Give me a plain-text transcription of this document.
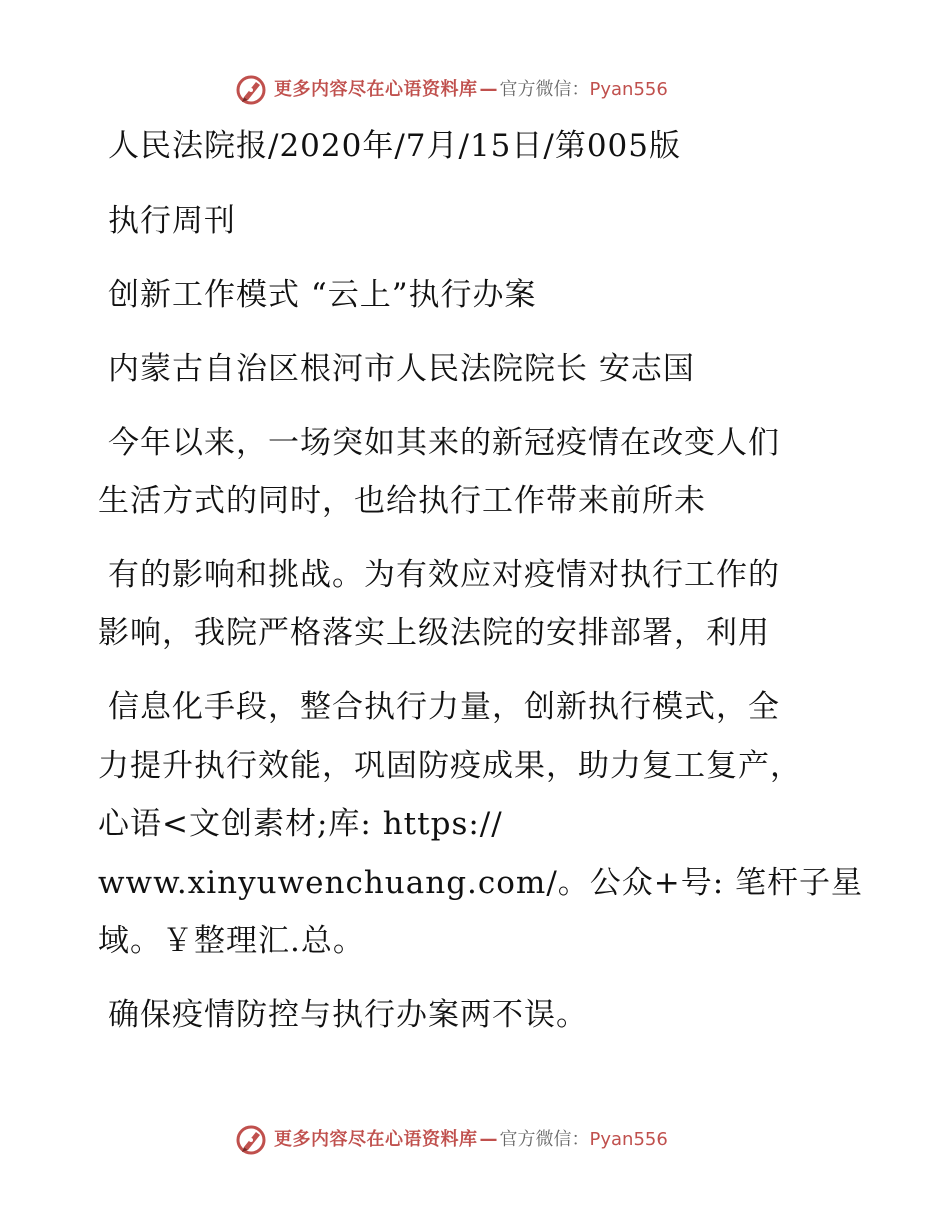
更多内容尽在心语资料库 — 官方微信： Pyan556
人民法院报/2020年/7月/15日/第005版
执行周刊
创新工作模式 “云上”执行办案
内蒙古自治区根河市人民法院院长 安志国
今年以来，一场突如其来的新冠疫情在改变人们
生活方式的同时，也给执行工作带来前所未
有的影响和挑战。为有效应对疫情对执行工作的
影响，我院严格落实上级法院的安排部署，利用
信息化手段，整合执行力量，创新执行模式，全
力提升执行效能，巩固防疫成果，助力复工复产，
心语<文创素材;库: https://
www.xinyuwenchuang.com/。公众+号: 笔杆子星
域。￥整理汇.总。
确保疫情防控与执行办案两不误。
更多内容尽在心语资料库 — 官方微信： Pyan556
